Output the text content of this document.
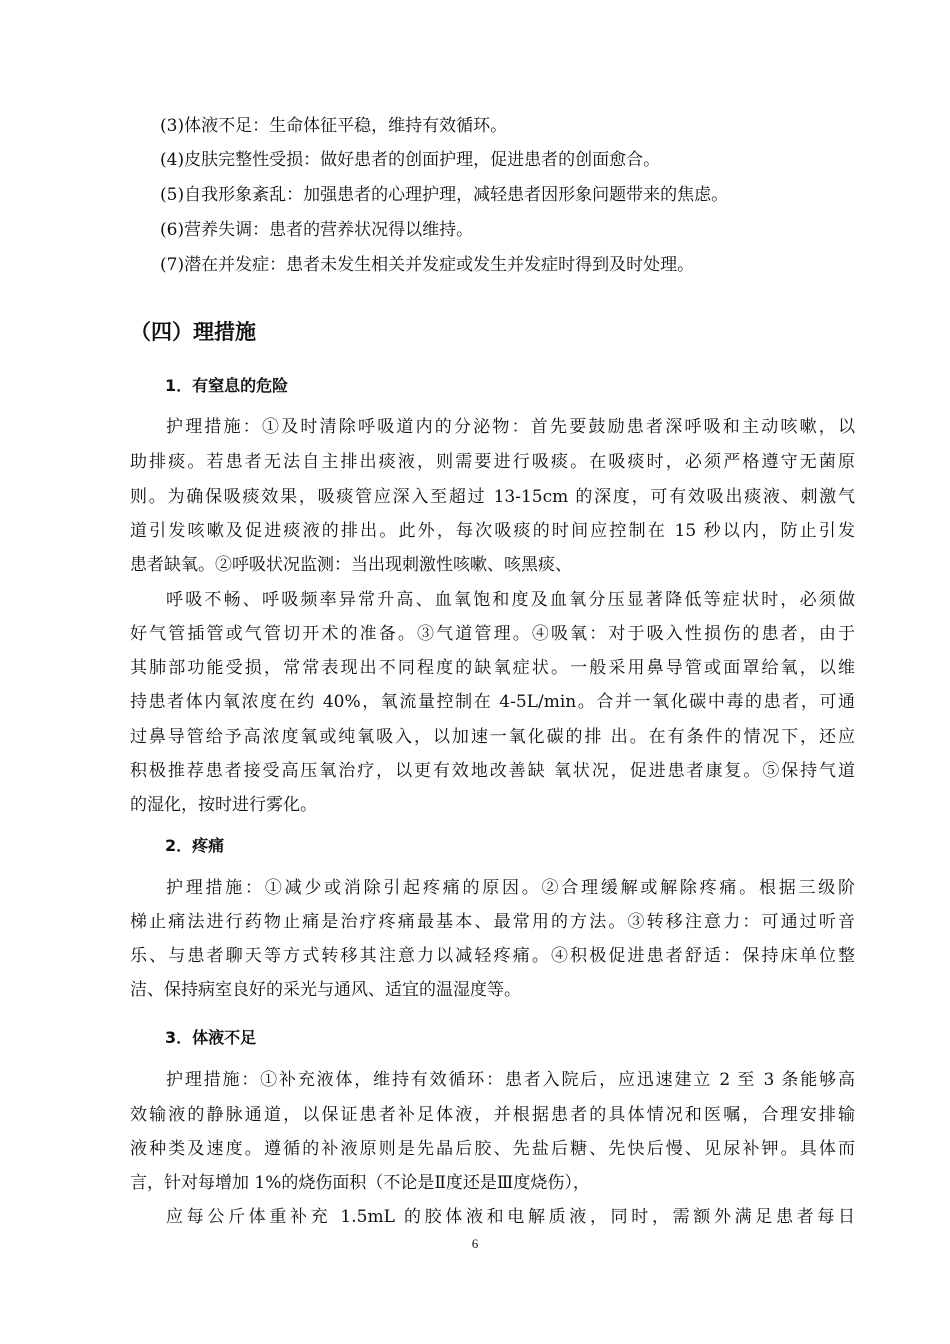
(3)体液不足：生命体征平稳，维持有效循环。
(4)皮肤完整性受损：做好患者的创面护理，促进患者的创面愈合。
(5)自我形象紊乱：加强患者的心理护理，减轻患者因形象问题带来的焦虑。
(6)营养失调：患者的营养状况得以维持。
(7)潜在并发症：患者未发生相关并发症或发生并发症时得到及时处理。
（四）理措施
1．有窒息的危险
护理措施：①及时清除呼吸道内的分泌物：首先要鼓励患者深呼吸和主动咳嗽，以
助排痰。若患者无法自主排出痰液，则需要进行吸痰。在吸痰时，必须严格遵守无菌原
则。为确保吸痰效果，吸痰管应深入至超过 13-15cm 的深度，可有效吸出痰液、刺激气
道引发咳嗽及促进痰液的排出。此外，每次吸痰的时间应控制在 15 秒以内，防止引发
患者缺氧。②呼吸状况监测：当出现刺激性咳嗽、咳黑痰、
呼吸不畅、呼吸频率异常升高、血氧饱和度及血氧分压显著降低等症状时，必须做
好气管插管或气管切开术的准备。③气道管理。④吸氧：对于吸入性损伤的患者，由于
其肺部功能受损，常常表现出不同程度的缺氧症状。一般采用鼻导管或面罩给氧，以维
持患者体内氧浓度在约 40%，氧流量控制在 4-5L/min。合并一氧化碳中毒的患者，可通
过鼻导管给予高浓度氧或纯氧吸入，以加速一氧化碳的排 出。在有条件的情况下，还应
积极推荐患者接受高压氧治疗，以更有效地改善缺 氧状况，促进患者康复。⑤保持气道
的湿化，按时进行雾化。
2．疼痛
护理措施：①减少或消除引起疼痛的原因。②合理缓解或解除疼痛。根据三级阶
梯止痛法进行药物止痛是治疗疼痛最基本、最常用的方法。③转移注意力：可通过听音
乐、与患者聊天等方式转移其注意力以减轻疼痛。④积极促进患者舒适：保持床单位整
洁、保持病室良好的采光与通风、适宜的温湿度等。
3．体液不足
护理措施：①补充液体，维持有效循环：患者入院后，应迅速建立 2 至 3 条能够高
效输液的静脉通道，以保证患者补足体液，并根据患者的具体情况和医嘱，合理安排输
液种类及速度。遵循的补液原则是先晶后胶、先盐后糖、先快后慢、见尿补钾。具体而
言，针对每增加 1%的烧伤面积（不论是Ⅱ度还是Ⅲ度烧伤），
应每公斤体重补充 1.5mL 的胶体液和电解质液，同时，需额外满足患者每日
6
